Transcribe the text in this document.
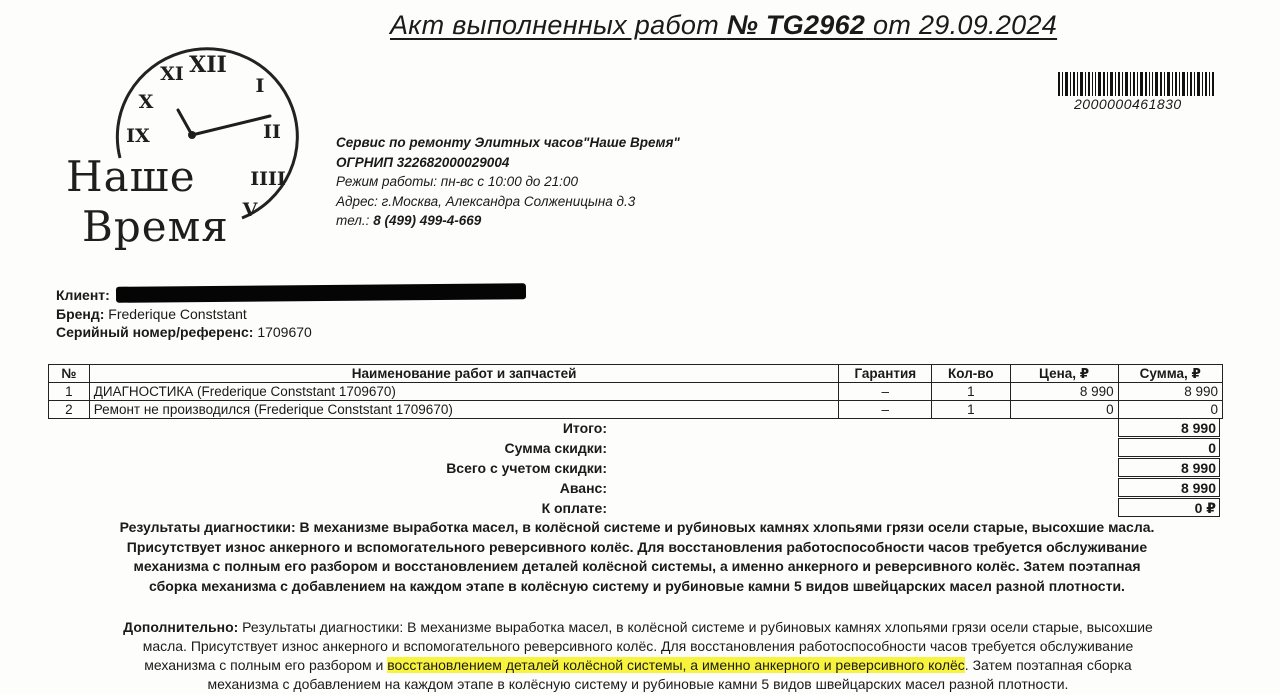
Акт выполненных работ № TG2962 от 29.09.2024
2000000461830
XII
I
II
IIII
XI
X
IX
V
Наше
Время
Сервис по ремонту Элитных часов"Наше Время"
ОГРНИП 322682000029004
Режим работы: пн-вс с 10:00 до 21:00
Адрес: г.Москва, Александра Солженицына д.3
тел.: 8 (499) 499-4-669
Клиент:
Бренд: Frederique Conststant
Серийный номер/референс: 1709670
№	Наименование работ и запчастей	Гарантия	Кол-во	Цена, ₽	Сумма, ₽
1	ДИАГНОСТИКА (Frederique Conststant 1709670)	–	1	8 990	8 990
2	Ремонт не производился (Frederique Conststant 1709670)	–	1	0	0
Итого:	8 990
Сумма скидки:	0
Всего с учетом скидки:	8 990
Аванс:	8 990
К оплате:	0 ₽
Результаты диагностики: В механизме выработка масел, в колёсной системе и рубиновых камнях хлопьями грязи осели старые, высохшие масла.
Присутствует износ анкерного и вспомогательного реверсивного колёс. Для восстановления работоспособности часов требуется обслуживание
механизма с полным его разбором и восстановлением деталей колёсной системы, а именно анкерного и реверсивного колёс. Затем поэтапная
сборка механизма с добавлением на каждом этапе в колёсную систему и рубиновые камни 5 видов швейцарских масел разной плотности.
Дополнительно: Результаты диагностики: В механизме выработка масел, в колёсной системе и рубиновых камнях хлопьями грязи осели старые, высохшие
масла. Присутствует износ анкерного и вспомогательного реверсивного колёс. Для восстановления работоспособности часов требуется обслуживание
механизма с полным его разбором и восстановлением деталей колёсной системы, а именно анкерного и реверсивного колёс. Затем поэтапная сборка
механизма с добавлением на каждом этапе в колёсную систему и рубиновые камни 5 видов швейцарских масел разной плотности.
